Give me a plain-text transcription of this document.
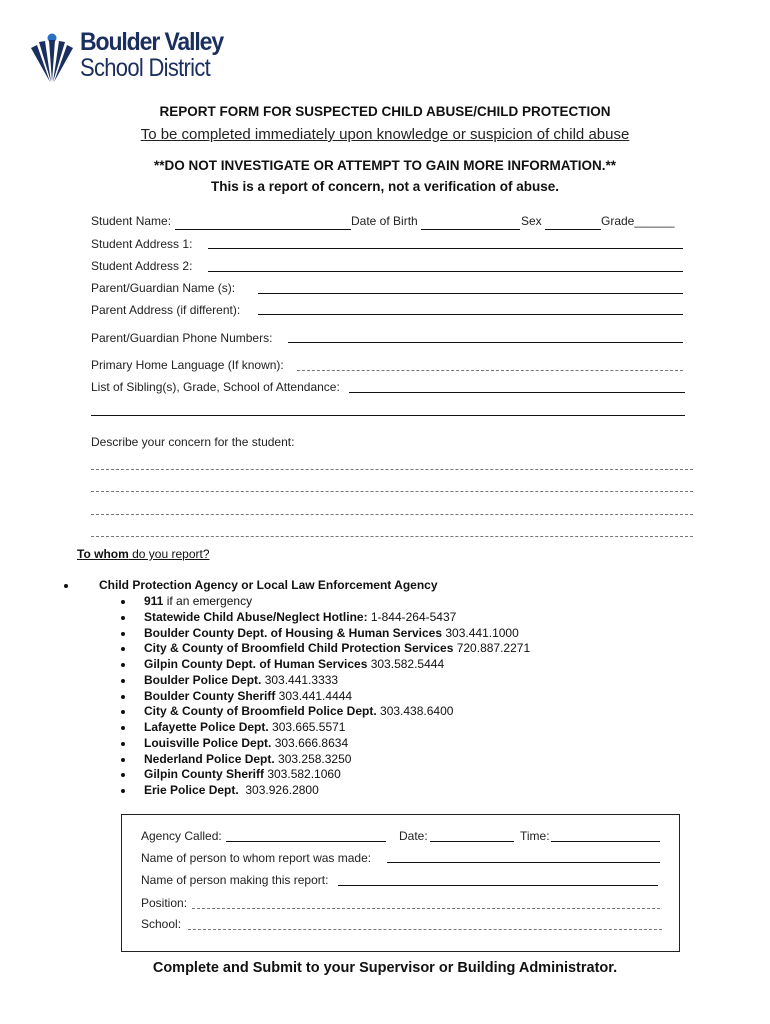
Boulder Valley
School District
REPORT FORM FOR SUSPECTED CHILD ABUSE/CHILD PROTECTION
To be completed immediately upon knowledge or suspicion of child abuse
**DO NOT INVESTIGATE OR ATTEMPT TO GAIN MORE INFORMATION.**
This is a report of concern, not a verification of abuse.
Student Name:	Date of Birth	Sex	Grade______
Student Address 1:
Student Address 2:
Parent/Guardian Name (s):
Parent Address (if different):
Parent/Guardian Phone Numbers:
Primary Home Language (If known):
List of Sibling(s), Grade, School of Attendance:
Describe your concern for the student:
To whom do you report?
Child Protection Agency or Local Law Enforcement Agency
911 if an emergency
Statewide Child Abuse/Neglect Hotline: 1-844-264-5437
Boulder County Dept. of Housing & Human Services 303.441.1000
City & County of Broomfield Child Protection Services 720.887.2271
Gilpin County Dept. of Human Services 303.582.5444
Boulder Police Dept. 303.441.3333
Boulder County Sheriff 303.441.4444
City & County of Broomfield Police Dept. 303.438.6400
Lafayette Police Dept. 303.665.5571
Louisville Police Dept. 303.666.8634
Nederland Police Dept. 303.258.3250
Gilpin County Sheriff 303.582.1060
Erie Police Dept.  303.926.2800
Agency Called:	Date:	Time:
Name of person to whom report was made:
Name of person making this report:
Position:
School:
Complete and Submit to your Supervisor or Building Administrator.
